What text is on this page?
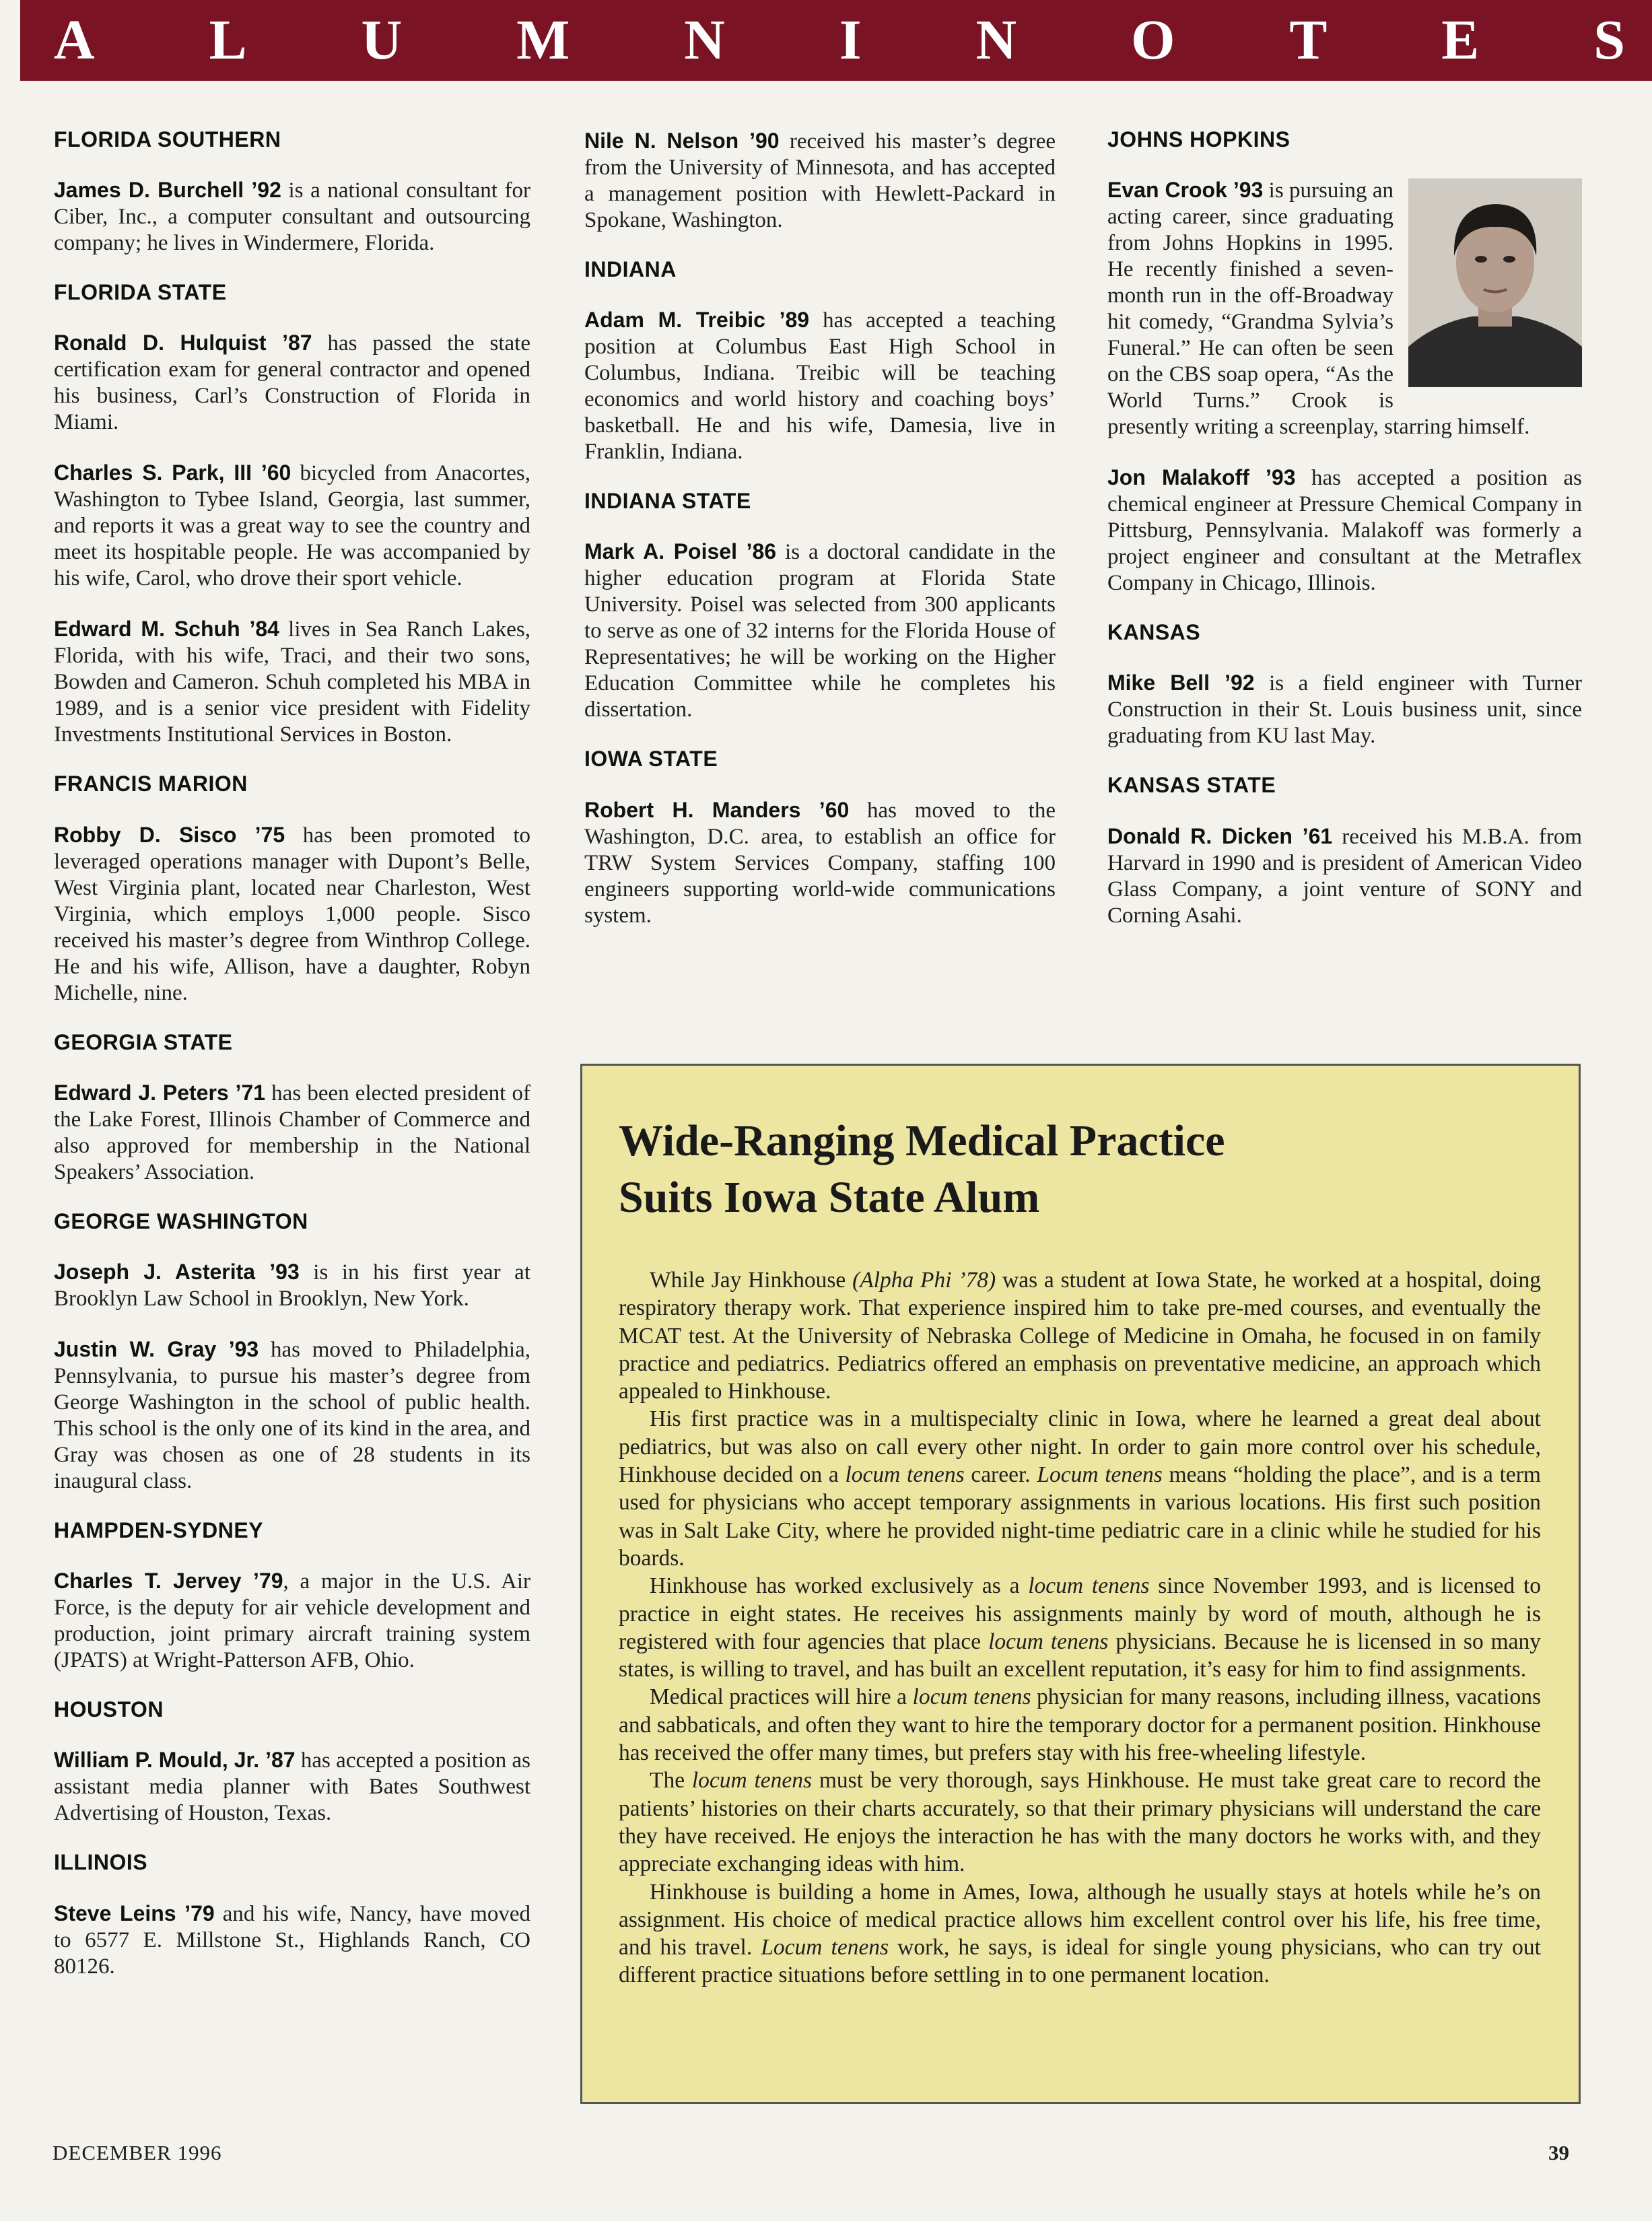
A L U M N I N O T E S
FLORIDA SOUTHERN
James D. Burchell ’92 is a national consultant for Ciber, Inc., a computer consultant and outsourcing company; he lives in Windermere, Florida.
FLORIDA STATE
Ronald D. Hulquist ’87 has passed the state certification exam for general contractor and opened his business, Carl’s Construction of Florida in Miami.
Charles S. Park, III ’60 bicycled from Anacortes, Washington to Tybee Island, Georgia, last summer, and reports it was a great way to see the country and meet its hospitable people. He was accompanied by his wife, Carol, who drove their sport vehicle.
Edward M. Schuh ’84 lives in Sea Ranch Lakes, Florida, with his wife, Traci, and their two sons, Bowden and Cameron. Schuh completed his MBA in 1989, and is a senior vice president with Fidelity Investments Institutional Services in Boston.
FRANCIS MARION
Robby D. Sisco ’75 has been promoted to leveraged operations manager with Dupont’s Belle, West Virginia plant, located near Charleston, West Virginia, which employs 1,000 people. Sisco received his master’s degree from Winthrop College. He and his wife, Allison, have a daughter, Robyn Michelle, nine.
GEORGIA STATE
Edward J. Peters ’71 has been elected president of the Lake Forest, Illinois Chamber of Commerce and also approved for membership in the National Speakers’ Association.
GEORGE WASHINGTON
Joseph J. Asterita ’93 is in his first year at Brooklyn Law School in Brooklyn, New York.
Justin W. Gray ’93 has moved to Philadelphia, Pennsylvania, to pursue his master’s degree from George Washington in the school of public health. This school is the only one of its kind in the area, and Gray was chosen as one of 28 students in its inaugural class.
HAMPDEN-SYDNEY
Charles T. Jervey ’79, a major in the U.S. Air Force, is the deputy for air vehicle development and production, joint primary aircraft training system (JPATS) at Wright-Patterson AFB, Ohio.
HOUSTON
William P. Mould, Jr. ’87 has accepted a position as assistant media planner with Bates Southwest Advertising of Houston, Texas.
ILLINOIS
Steve Leins ’79 and his wife, Nancy, have moved to 6577 E. Millstone St., Highlands Ranch, CO 80126.
Nile N. Nelson ’90 received his master’s degree from the University of Minnesota, and has accepted a management position with Hewlett-Packard in Spokane, Washington.
INDIANA
Adam M. Treibic ’89 has accepted a teaching position at Columbus East High School in Columbus, Indiana. Treibic will be teaching economics and world history and coaching boys’ basketball. He and his wife, Damesia, live in Franklin, Indiana.
INDIANA STATE
Mark A. Poisel ’86 is a doctoral candidate in the higher education program at Florida State University. Poisel was selected from 300 applicants to serve as one of 32 interns for the Florida House of Representatives; he will be working on the Higher Education Committee while he completes his dissertation.
IOWA STATE
Robert H. Manders ’60 has moved to the Washington, D.C. area, to establish an office for TRW System Services Company, staffing 100 engineers supporting world-wide communications system.
JOHNS HOPKINS
Evan Crook ’93 is pursuing an acting career, since graduating from Johns Hopkins in 1995. He recently finished a seven-month run in the off-Broadway hit comedy, “Grandma Sylvia’s Funeral.” He can often be seen on the CBS soap opera, “As the World Turns.” Crook is presently writing a screenplay, starring himself.
Jon Malakoff ’93 has accepted a position as chemical engineer at Pressure Chemical Company in Pittsburg, Pennsylvania. Malakoff was formerly a project engineer and consultant at the Metraflex Company in Chicago, Illinois.
KANSAS
Mike Bell ’92 is a field engineer with Turner Construction in their St. Louis business unit, since graduating from KU last May.
KANSAS STATE
Donald R. Dicken ’61 received his M.B.A. from Harvard in 1990 and is president of American Video Glass Company, a joint venture of SONY and Corning Asahi.
Wide-Ranging Medical Practice
Suits Iowa State Alum

While Jay Hinkhouse (Alpha Phi ’78) was a student at Iowa State, he worked at a hospital, doing respiratory therapy work. That experience inspired him to take pre-med courses, and eventually the MCAT test. At the University of Nebraska College of Medicine in Omaha, he focused in on family practice and pediatrics. Pediatrics offered an emphasis on preventative medicine, an approach which appealed to Hinkhouse.

His first practice was in a multispecialty clinic in Iowa, where he learned a great deal about pediatrics, but was also on call every other night. In order to gain more control over his schedule, Hinkhouse decided on a locum tenens career. Locum tenens means “holding the place”, and is a term used for physicians who accept temporary assignments in various locations. His first such position was in Salt Lake City, where he provided night-time pediatric care in a clinic while he studied for his boards.

Hinkhouse has worked exclusively as a locum tenens since November 1993, and is licensed to practice in eight states. He receives his assignments mainly by word of mouth, although he is registered with four agencies that place locum tenens physicians. Because he is licensed in so many states, is willing to travel, and has built an excellent reputation, it’s easy for him to find assignments.

Medical practices will hire a locum tenens physician for many reasons, including illness, vacations and sabbaticals, and often they want to hire the temporary doctor for a permanent position. Hinkhouse has received the offer many times, but prefers stay with his free-wheeling lifestyle.

The locum tenens must be very thorough, says Hinkhouse. He must take great care to record the patients’ histories on their charts accurately, so that their primary physicians will understand the care they have received. He enjoys the interaction he has with the many doctors he works with, and they appreciate exchanging ideas with him.

Hinkhouse is building a home in Ames, Iowa, although he usually stays at hotels while he’s on assignment. His choice of medical practice allows him excellent control over his life, his free time, and his travel. Locum tenens work, he says, is ideal for single young physicians, who can try out different practice situations before settling in to one permanent location.

DECEMBER 1996	39
